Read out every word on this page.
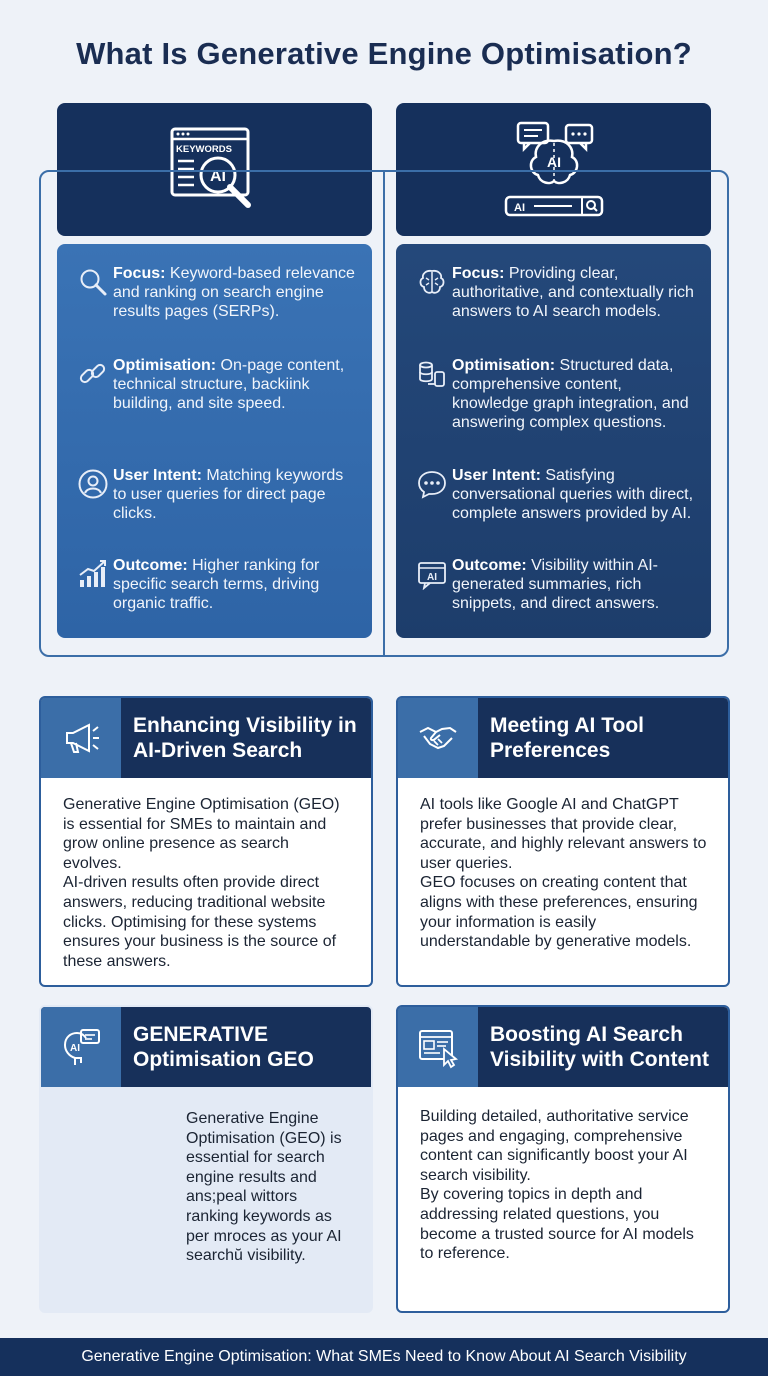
What Is Generative Engine Optimisation?
KEYWORDS
AI
AI
AI
Focus: Keyword-based relevance and ranking on search engine results pages (SERPs).
Optimisation: On-page content, technical structure, backiink building, and site speed.
User Intent: Matching keywords to user queries for direct page clicks.
Outcome: Higher ranking for specific search terms, driving organic traffic.
Focus: Providing clear, authoritative, and contextually rich answers to AI search models.
Optimisation: Structured data, comprehensive content, knowledge graph integration, and answering complex questions.
User Intent: Satisfying conversational queries with direct, complete answers provided by AI.
AI
Outcome: Visibility within AI-generated summaries, rich snippets, and direct answers.
Enhancing Visibility in AI-Driven Search
Generative Engine Optimisation (GEO) is essential for SMEs to maintain and grow online presence as search evolves.
AI-driven results often provide direct answers, reducing traditional website clicks. Optimising for these systems ensures your business is the source of these answers.
Meeting AI Tool Preferences
AI tools like Google AI and ChatGPT prefer businesses that provide clear, accurate, and highly relevant answers to user queries.
GEO focuses on creating content that aligns with these preferences, ensuring your information is easily understandable by generative models.
AI
GENERATIVE Optimisation GEO
Generative Engine Optimisation (GEO) is essential for search engine results and ans;peal wittors ranking keywords as per mroces as your AI searchŭ visibility.
Boosting AI Search Visibility with Content
Building detailed, authoritative service pages and engaging, comprehensive content can significantly boost your AI search visibility.
By covering topics in depth and addressing related questions, you become a trusted source for AI models to reference.
Generative Engine Optimisation: What SMEs Need to Know About AI Search Visibility
